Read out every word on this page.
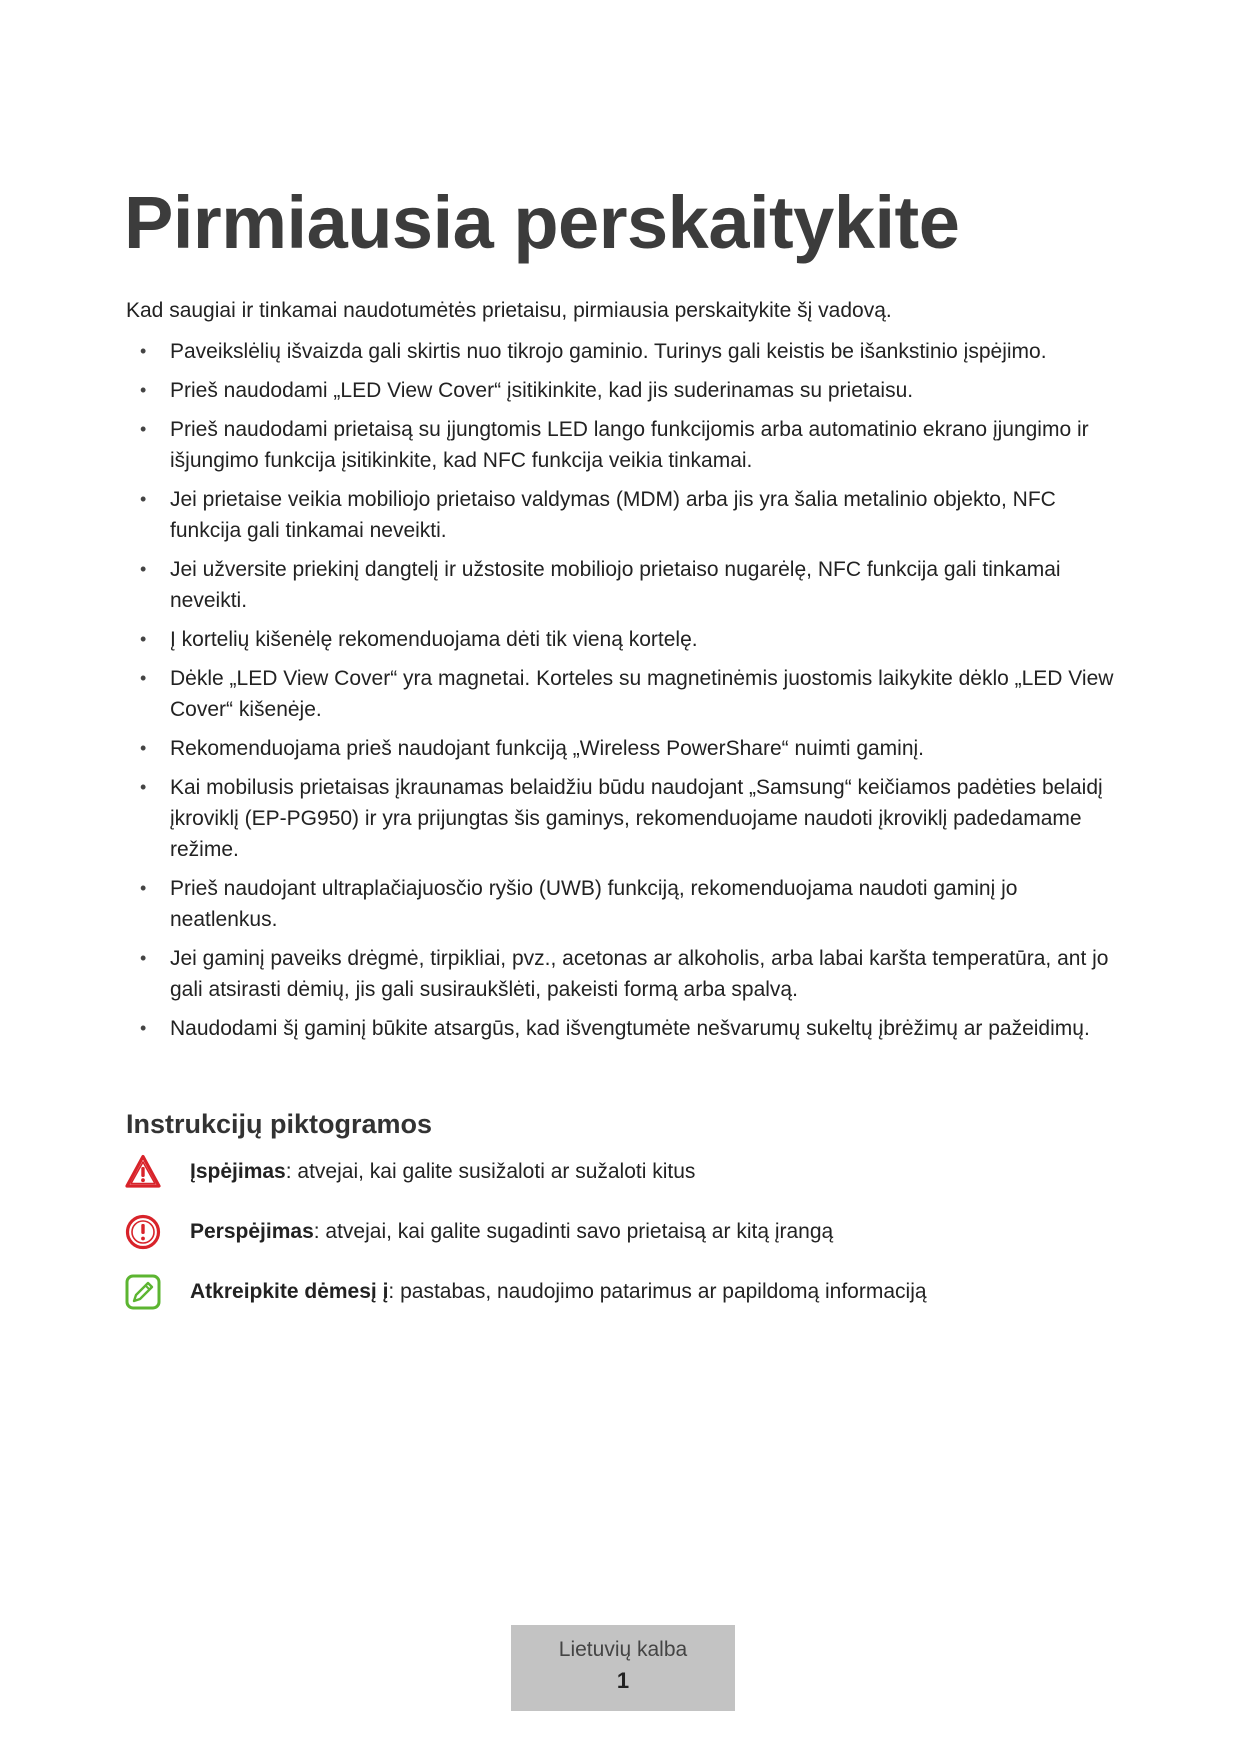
Pirmiausia perskaitykite

Kad saugiai ir tinkamai naudotumėtės prietaisu, pirmiausia perskaitykite šį vadovą.

• Paveikslėlių išvaizda gali skirtis nuo tikrojo gaminio. Turinys gali keistis be išankstinio įspėjimo.
• Prieš naudodami „LED View Cover“ įsitikinkite, kad jis suderinamas su prietaisu.
• Prieš naudodami prietaisą su įjungtomis LED lango funkcijomis arba automatinio ekrano įjungimo ir išjungimo funkcija įsitikinkite, kad NFC funkcija veikia tinkamai.
• Jei prietaise veikia mobiliojo prietaiso valdymas (MDM) arba jis yra šalia metalinio objekto, NFC funkcija gali tinkamai neveikti.
• Jei užversite priekinį dangtelį ir užstosite mobiliojo prietaiso nugarėlę, NFC funkcija gali tinkamai neveikti.
• Į kortelių kišenėlę rekomenduojama dėti tik vieną kortelę.
• Dėkle „LED View Cover“ yra magnetai. Korteles su magnetinėmis juostomis laikykite dėklo „LED View Cover“ kišenėje.
• Rekomenduojama prieš naudojant funkciją „Wireless PowerShare“ nuimti gaminį.
• Kai mobilusis prietaisas įkraunamas belaidžiu būdu naudojant „Samsung“ keičiamos padėties belaidį įkroviklį (EP-PG950) ir yra prijungtas šis gaminys, rekomenduojame naudoti įkroviklį padedamame režime.
• Prieš naudojant ultraplačiajuosčio ryšio (UWB) funkciją, rekomenduojama naudoti gaminį jo neatlenkus.
• Jei gaminį paveiks drėgmė, tirpikliai, pvz., acetonas ar alkoholis, arba labai karšta temperatūra, ant jo gali atsirasti dėmių, jis gali susiraukšlėti, pakeisti formą arba spalvą.
• Naudodami šį gaminį būkite atsargūs, kad išvengtumėte nešvarumų sukeltų įbrėžimų ar pažeidimų.
Instrukcijų piktogramos
Įspėjimas: atvejai, kai galite susižaloti ar sužaloti kitus
Perspėjimas: atvejai, kai galite sugadinti savo prietaisą ar kitą įrangą
Atkreipkite dėmesį į: pastabas, naudojimo patarimus ar papildomą informaciją
Lietuvių kalba
1
